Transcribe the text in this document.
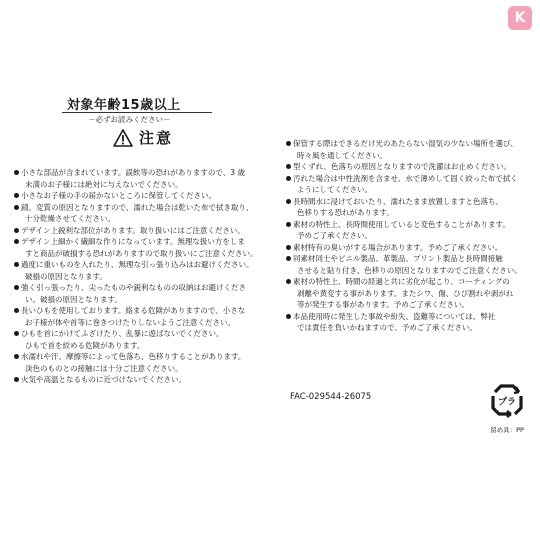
K
対象年齢15歳以上
－必ずお読みください－
注意
小さな部品が含まれています。誤飲等の恐れがありますので、3 歳
未満のお子様には絶対に与えないでください。
小さなお子様の手の届かないところに保管してください。
錆、変質の原因となりますので、濡れた場合は乾いた布で拭き取り、
十分乾燥させてください。
デザイン上鋭利な部位があります。取り扱いにはご注意ください。
デザイン上細かく繊細な作りになっています。無理な扱い方をしま
すと商品が破損する恐れがありますので取り扱いにご注意ください。
過度に重いものを入れたり、無理な引っ張り込みはお避けください。
破損の原因となります。
強く引っ張ったり、尖ったものや鋭利なものの収納はお避けくださ
い。破損の原因となります。
長いひもを使用しております。絡まる危険がありますので、小さな
お子様が体や首等に巻きつけたりしないようご注意ください。
ひもを首にかけてふざけたり、乱暴に遊ばないでください。
ひもで首を絞める危険があります。
水濡れや汗、摩擦等によって色落ち、色移りすることがあります。
淡色のものとの接触には十分ご注意ください。
火気や高温となるものに近づけないでください。
保管する際はできるだけ光のあたらない湿気の少ない場所を選び、
時々風を通してください。
型くずれ、色落ちの原因となりますので洗濯はお止めください。
汚れた場合は中性洗剤を含ませ、水で薄めして固く絞った布で拭く
ようにしてください。
長時間水に浸けておいたり、濡れたまま放置しますと色落ち、
色移りする恐れがあります。
素材の特性上、長時間使用していると変色することがあります。
予めご了承ください。
素材特有の臭いがする場合があります。予めご了承ください。
同素材同士やビニル製品、革製品、プリント製品と長時間接触
させると貼り付き、色移りの原因となりますのでご注意ください。
素材の特性上、時間の経過と共に劣化が起こり、コーティングの
剥離や黄変する事があります。またシワ、傷、ひび割れや剥がれ
等が発生する事があります。予めご了承ください。
本品使用時に発生した事故や紛失、盗難等については、弊社
では責任を負いかねますので、予めご了承ください。
FAC-029544-26075
プラ
留め具：PP
